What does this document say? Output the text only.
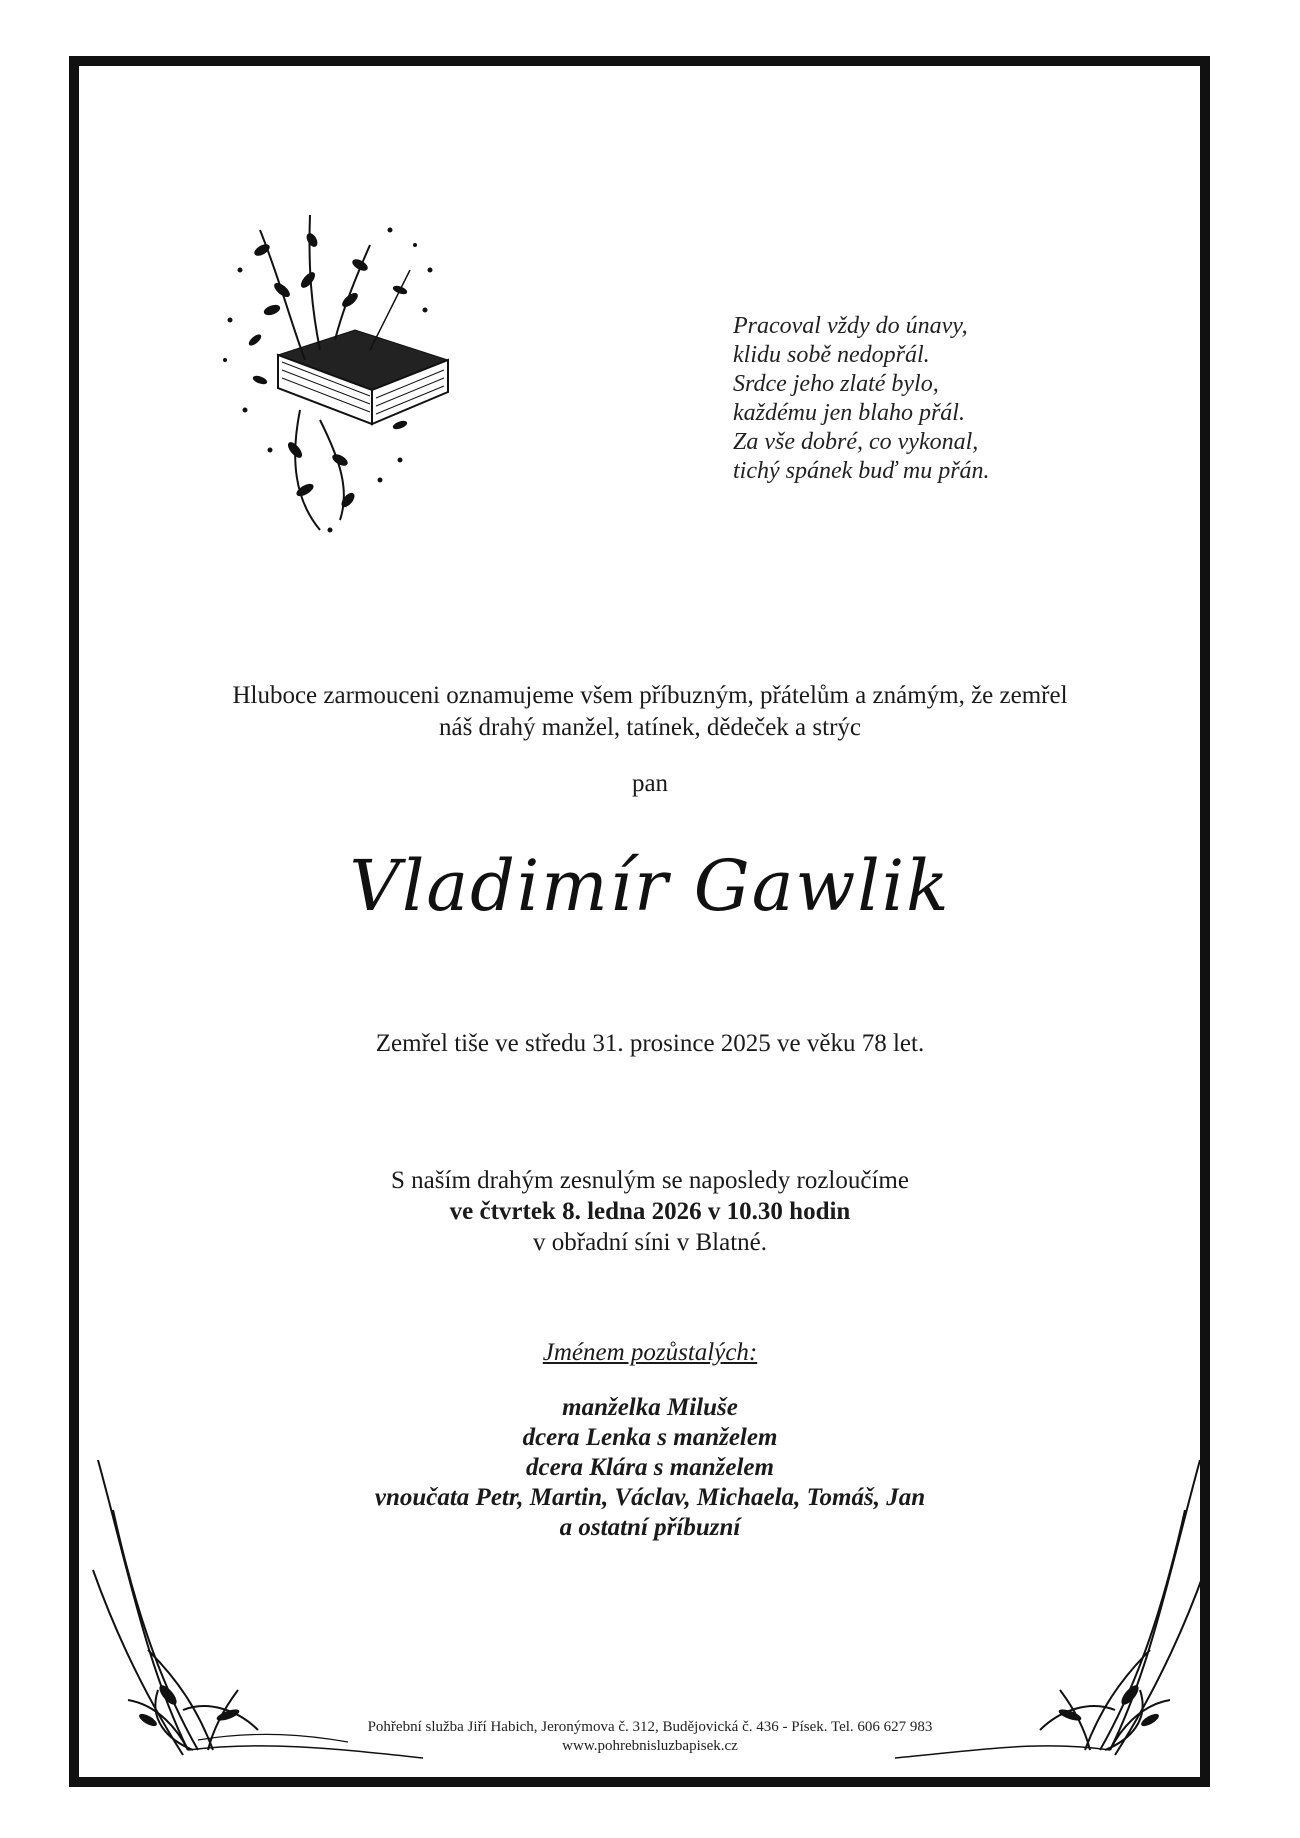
Pracoval vždy do únavy,
klidu sobě nedopřál.
Srdce jeho zlaté bylo,
každému jen blaho přál.
Za vše dobré, co vykonal,
tichý spánek buď mu přán.
Hluboce zarmouceni oznamujeme všem příbuzným, přátelům a známým, že zemřel
náš drahý manžel, tatínek, dědeček a strýc
pan
Vladimír Gawlik
Zemřel tiše ve středu 31. prosince 2025 ve věku 78 let.
S naším drahým zesnulým se naposledy rozloučíme
ve čtvrtek 8. ledna 2026 v 10.30 hodin
v obřadní síni v Blatné.
Jménem pozůstalých:
manželka Miluše
dcera Lenka s manželem
dcera Klára s manželem
vnoučata Petr, Martin, Václav, Michaela, Tomáš, Jan
a ostatní příbuzní
Pohřební služba Jiří Habich, Jeronýmova č. 312, Budějovická č. 436 - Písek. Tel. 606 627 983
www.pohrebnisluzbapisek.cz
